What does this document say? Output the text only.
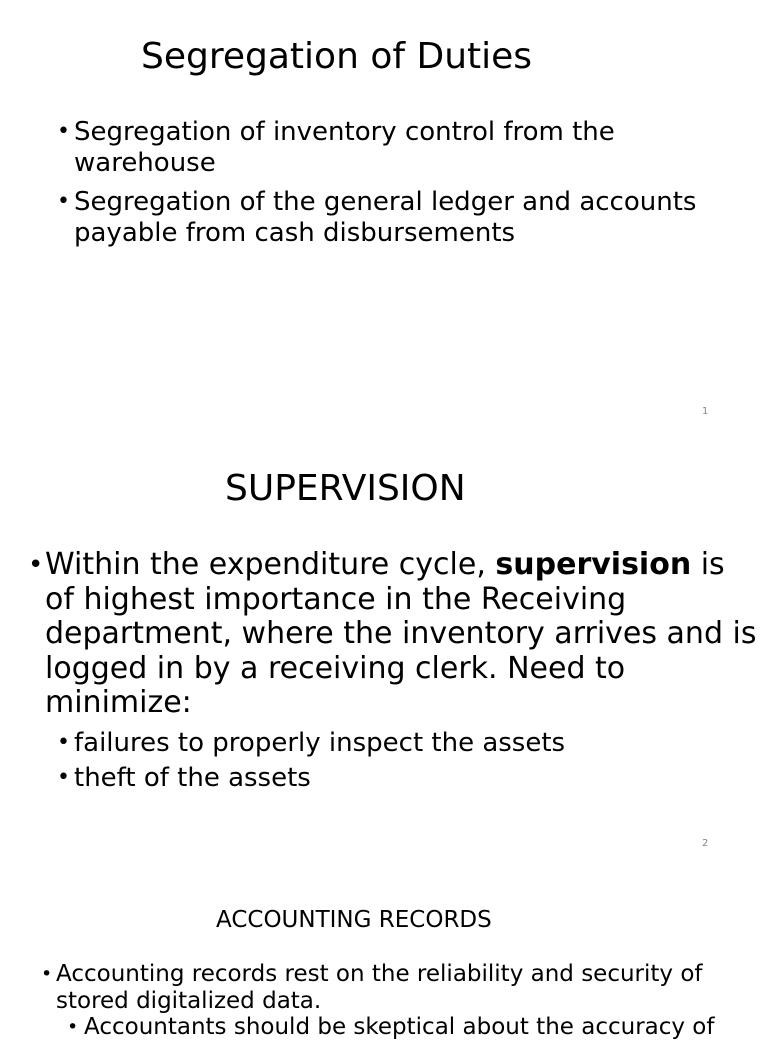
Segregation of Duties

• Segregation of inventory control from the warehouse

• Segregation of the general ledger and accounts payable from cash disbursements

1
SUPERVISION

• Within the expenditure cycle, supervision is of highest importance in the Receiving department, where the inventory arrives and is logged in by a receiving clerk. Need to minimize:

• failures to properly inspect the assets

• theft of the assets

2
ACCOUNTING RECORDS

• Accounting records rest on the reliability and security of stored digitalized data.

• Accountants should be skeptical about the accuracy of
